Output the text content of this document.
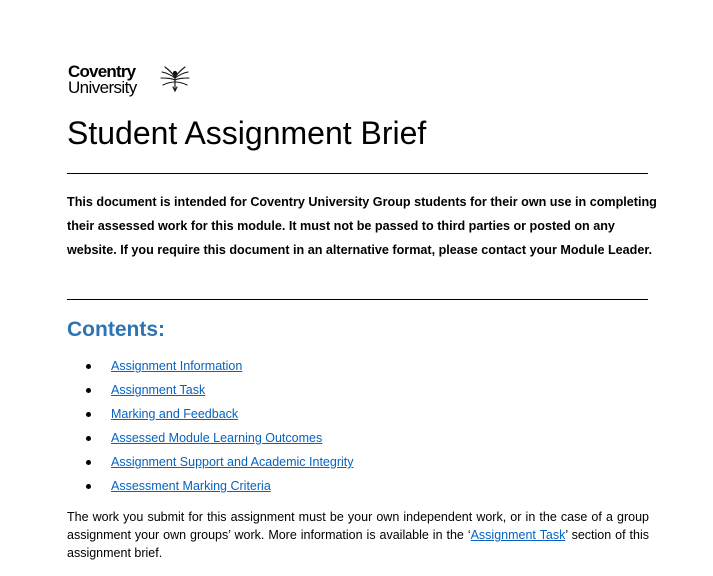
Coventry
University
Student Assignment Brief

This document is intended for Coventry University Group students for their own use in completing their assessed work for this module. It must not be passed to third parties or posted on any website. If you require this document in an alternative format, please contact your Module Leader.

Contents:
Assignment Information
Assignment Task
Marking and Feedback
Assessed Module Learning Outcomes
Assignment Support and Academic Integrity
Assessment Marking Criteria

The work you submit for this assignment must be your own independent work, or in the case of a group assignment your own groups’ work. More information is available in the ‘Assignment Task’ section of this assignment brief.
